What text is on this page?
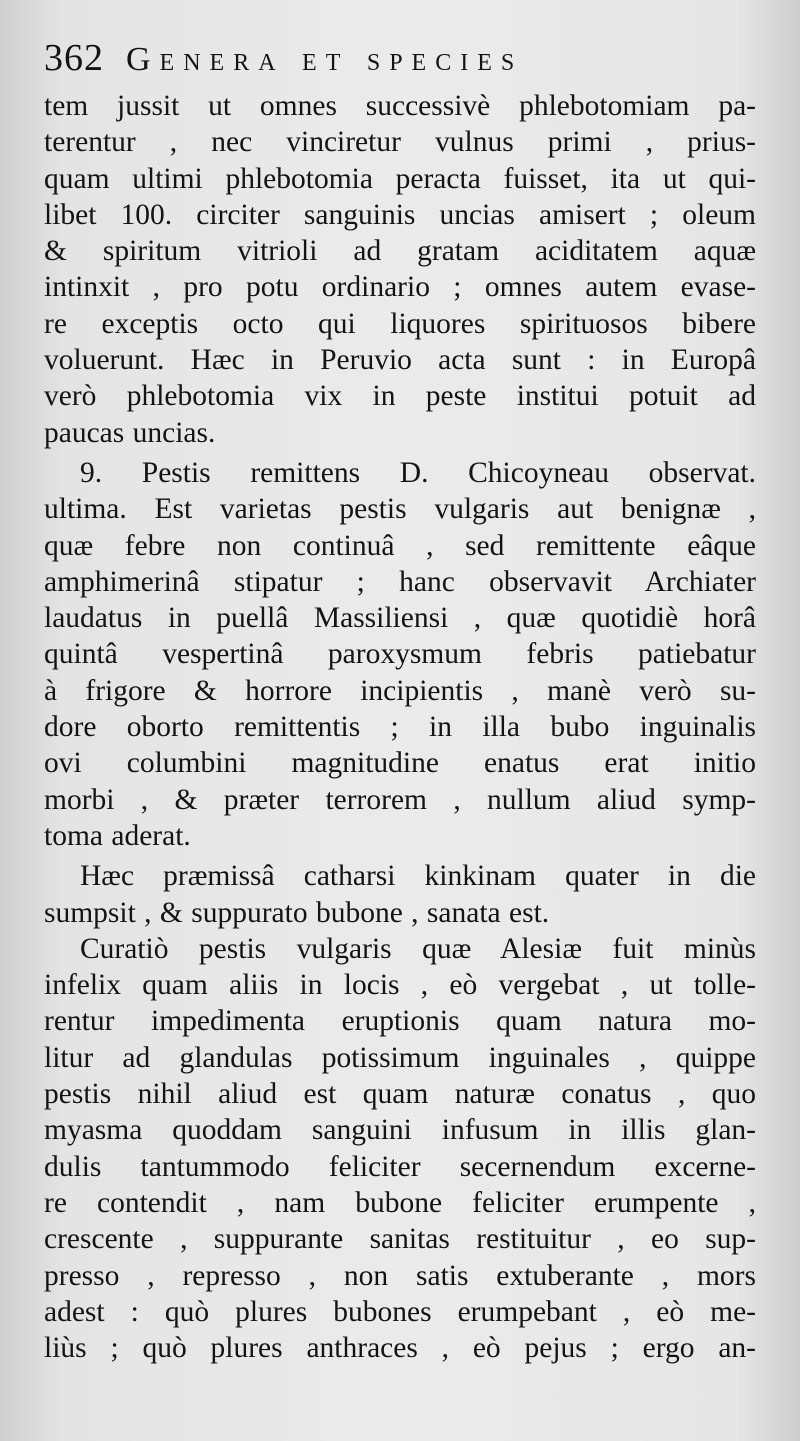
362 Genera et species
tem jussit ut omnes successivè phlebotomiam pa-
terentur , nec vinciretur vulnus primi , prius-
quam ultimi phlebotomia peracta fuisset, ita ut qui-
libet 100. circiter sanguinis uncias amisert ; oleum
& spiritum vitrioli ad gratam aciditatem aquæ
intinxit , pro potu ordinario ; omnes autem evase-
re exceptis octo qui liquores spirituosos bibere
voluerunt. Hæc in Peruvio acta sunt : in Europâ
verò phlebotomia vix in peste institui potuit ad
paucas uncias.
9. Pestis remittens D. Chicoyneau observat.
ultima. Est varietas pestis vulgaris aut benignæ ,
quæ febre non continuâ , sed remittente eâque
amphimerinâ stipatur ; hanc observavit Archiater
laudatus in puellâ Massiliensi , quæ quotidiè horâ
quintâ vespertinâ paroxysmum febris patiebatur
à frigore & horrore incipientis , manè verò su-
dore oborto remittentis ; in illa bubo inguinalis
ovi columbini magnitudine enatus erat initio
morbi , & præter terrorem , nullum aliud symp-
toma aderat.
Hæc præmissâ catharsi kinkinam quater in die
sumpsit , & suppurato bubone , sanata est.
Curatiò pestis vulgaris quæ Alesiæ fuit minùs
infelix quam aliis in locis , eò vergebat , ut tolle-
rentur impedimenta eruptionis quam natura mo-
litur ad glandulas potissimum inguinales , quippe
pestis nihil aliud est quam naturæ conatus , quo
myasma quoddam sanguini infusum in illis glan-
dulis tantummodo feliciter secernendum excerne-
re contendit , nam bubone feliciter erumpente ,
crescente , suppurante sanitas restituitur , eo sup-
presso , represso , non satis extuberante , mors
adest : quò plures bubones erumpebant , eò me-
liùs ; quò plures anthraces , eò pejus ; ergo an-
